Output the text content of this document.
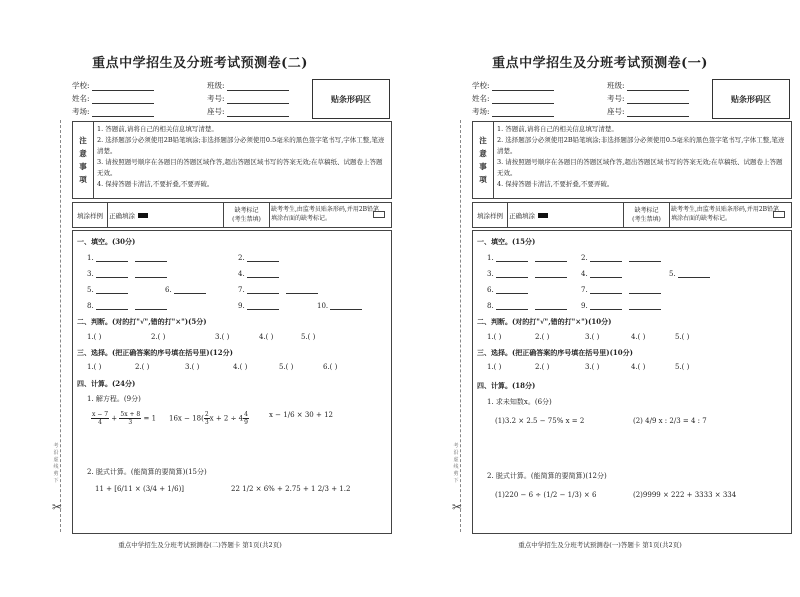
重点中学招生及分班考试预测卷(二)
学校:
姓名:
考场:
班级:
考号:
座号:
贴条形码区
注
意
事
项
1. 答题前,请将自己的相关信息填写清楚。
2. 选择题部分必须使用2B铅笔填涂;非选择题部分必须使用0.5毫米的黑色签字笔书写,字体工整,笔迹清楚。
3. 请按照题号顺序在各题目的答题区域作答,超出答题区域书写的答案无效;在草稿纸、试题卷上答题无效。
4. 保持答题卡清洁,不要折叠,不要弄破。
填涂样例 正确填涂
缺考标记
(考生禁填)
缺考考生,由监考员贴条形码,并用2B铅笔填涂右面的缺考标记。
一、填空。(30分)
1.	2.
3.	4.
5.	6.	7.
8.	9.	10.
二、判断。(对的打"√",错的打"×")(5分)
1.( )	2.( )	3.( )	4.( )	5.( )
三、选择。(把正确答案的序号填在括号里)(12分)
1.( )	2.( )	3.( )	4.( )	5.( )	6.( )
四、计算。(24分)
1. 解方程。(9分)
$\frac{x - 7}{4} + \frac{5x + 8}{3} = 1$ $16x - 18( \frac{2}{3}$ $x + 2 \div 4 \frac{4}{9}$	x − 1/6 × 30 + 12
2. 脱式计算。(能简算的要简算)(15分)
11 + [6/11 × (3/4 + 1/6)]	22 1/2 × 6% + 2.75 + 1 2/3 + 1.2
考 沿 虚 线 剪 下
✂
重点中学招生及分班考试预测卷(二)答题卡 第1页(共2页)
重点中学招生及分班考试预测卷(一)
学校:
姓名:
考场:
班级:
考号:
座号:
贴条形码区
注
意
事
项
1. 答题前,请将自己的相关信息填写清楚。
2. 选择题部分必须使用2B铅笔填涂;非选择题部分必须使用0.5毫米的黑色签字笔书写,字体工整,笔迹清楚。
3. 请按照题号顺序在各题目的答题区域作答,超出答题区域书写的答案无效;在草稿纸、试题卷上答题无效。
4. 保持答题卡清洁,不要折叠,不要弄破。
填涂样例 正确填涂
缺考标记
(考生禁填)
缺考考生,由监考员贴条形码,并用2B铅笔填涂右面的缺考标记。
一、填空。(15分)
1.	2.
3.	4.	5.
6.	7.
8.	9.
二、判断。(对的打"√",错的打"×")(10分)
1.( )	2.( )	3.( )	4.( )	5.( )
三、选择。(把正确答案的序号填在括号里)(10分)
1.( )	2.( )	3.( )	4.( )	5.( )
四、计算。(18分)
1. 求未知数x。(6分)
(1)3.2 × 2.5 − 75% x = 2	(2) 4/9 x : 2/3 = 4 : 7
2. 脱式计算。(能简算的要简算)(12分)
(1)220 − 6 ÷ (1/2 − 1/3) × 6	(2)9999 × 222 + 3333 × 334
考 沿 虚 线 剪 下
✂
重点中学招生及分班考试预测卷(一)答题卡 第1页(共2页)
